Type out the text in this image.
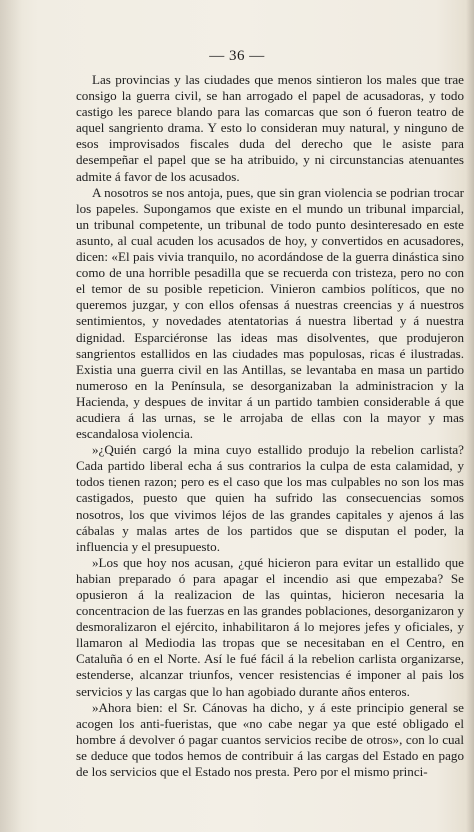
— 36 —

Las provincias y las ciudades que menos sintieron los males que trae consigo la guerra civil, se han arrogado el papel de acusadoras, y todo castigo les parece blando para las comarcas que son ó fueron teatro de aquel sangriento drama. Y esto lo consideran muy natural, y ninguno de esos improvisados fiscales duda del derecho que le asiste para desempeñar el papel que se ha atribuido, y ni circunstancias atenuantes admite á favor de los acusados.

A nosotros se nos antoja, pues, que sin gran violencia se podrian trocar los papeles. Supongamos que existe en el mundo un tribunal imparcial, un tribunal competente, un tribunal de todo punto desinteresado en este asunto, al cual acuden los acusados de hoy, y convertidos en acusadores, dicen: «El pais vivia tranquilo, no acordándose de la guerra dinástica sino como de una horrible pesadilla que se recuerda con tristeza, pero no con el temor de su posible repeticion. Vinieron cambios políticos, que no queremos juzgar, y con ellos ofensas á nuestras creencias y á nuestros sentimientos, y novedades atentatorias á nuestra libertad y á nuestra dignidad. Esparciéronse las ideas mas disolventes, que produjeron sangrientos estallidos en las ciudades mas populosas, ricas é ilustradas. Existia una guerra civil en las Antillas, se levantaba en masa un partido numeroso en la Península, se desorganizaban la administracion y la Hacienda, y despues de invitar á un partido tambien considerable á que acudiera á las urnas, se le arrojaba de ellas con la mayor y mas escandalosa violencia.

»¿Quién cargó la mina cuyo estallido produjo la rebelion carlista? Cada partido liberal echa á sus contrarios la culpa de esta calamidad, y todos tienen razon; pero es el caso que los mas culpables no son los mas castigados, puesto que quien ha sufrido las consecuencias somos nosotros, los que vivimos léjos de las grandes capitales y ajenos á las cábalas y malas artes de los partidos que se disputan el poder, la influencia y el presupuesto.

»Los que hoy nos acusan, ¿qué hicieron para evitar un estallido que habian preparado ó para apagar el incendio asi que empezaba? Se opusieron á la realizacion de las quintas, hicieron necesaria la concentracion de las fuerzas en las grandes poblaciones, desorganizaron y desmoralizaron el ejército, inhabilitaron á lo mejores jefes y oficiales, y llamaron al Mediodia las tropas que se necesitaban en el Centro, en Cataluña ó en el Norte. Así le fué fácil á la rebelion carlista organizarse, estenderse, alcanzar triunfos, vencer resistencias é imponer al pais los servicios y las cargas que lo han agobiado durante años enteros.

»Ahora bien: el Sr. Cánovas ha dicho, y á este principio general se acogen los anti-fueristas, que «no cabe negar ya que esté obligado el hombre á devolver ó pagar cuantos servicios recibe de otros», con lo cual se deduce que todos hemos de contribuir á las cargas del Estado en pago de los servicios que el Estado nos presta. Pero por el mismo princi-
